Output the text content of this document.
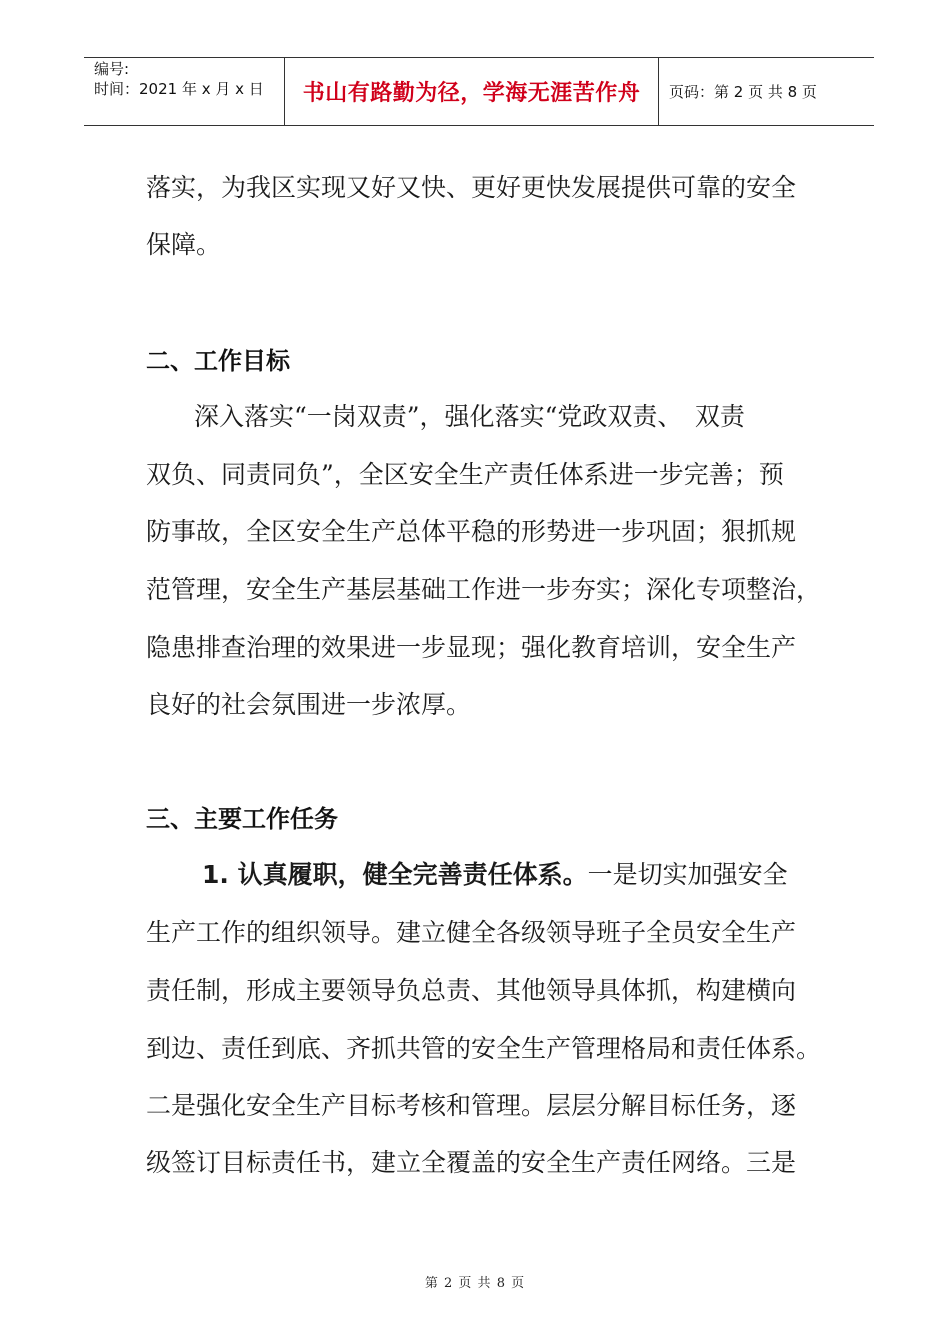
编号:
时间：2021 年 x 月 x 日	书山有路勤为径，学海无涯苦作舟	页码：第 2 页 共 8 页
落实，为我区实现又好又快、更好更快发展提供可靠的安全
保障。
二、工作目标
深入落实“一岗双责”，强化落实“党政双责、　双责
双负、同责同负”，全区安全生产责任体系进一步完善；预
防事故，全区安全生产总体平稳的形势进一步巩固；狠抓规
范管理，安全生产基层基础工作进一步夯实；深化专项整治，
隐患排查治理的效果进一步显现；强化教育培训，安全生产
良好的社会氛围进一步浓厚。
三、主要工作任务
1. 认真履职，健全完善责任体系。一是切实加强安全
生产工作的组织领导。建立健全各级领导班子全员安全生产
责任制，形成主要领导负总责、其他领导具体抓，构建横向
到边、责任到底、齐抓共管的安全生产管理格局和责任体系。
二是强化安全生产目标考核和管理。层层分解目标任务，逐
级签订目标责任书，建立全覆盖的安全生产责任网络。三是
第 2 页 共 8 页
